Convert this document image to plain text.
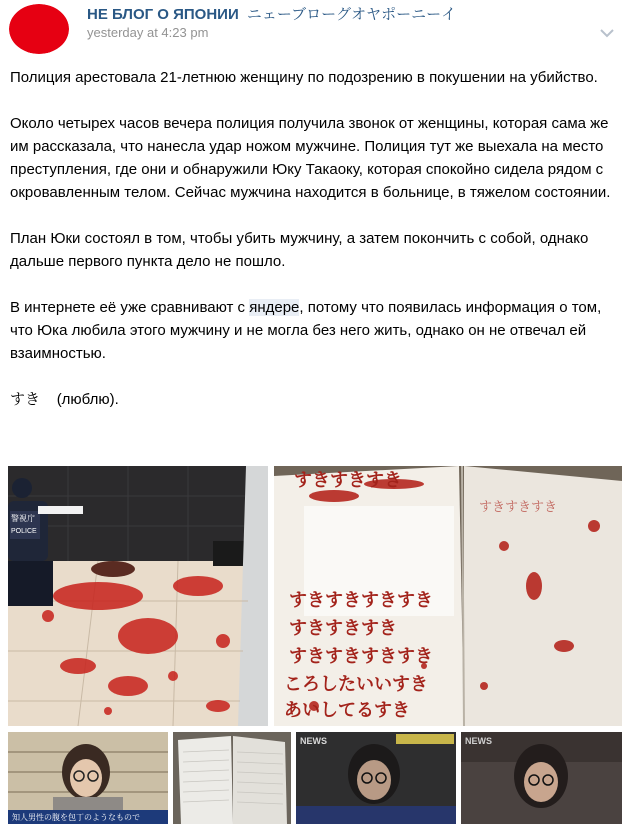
НЕ БЛОГ О ЯПОНИИ ニェーブローグオヤポーニーイ
yesterday at 4:23 pm

Полиция арестовала 21-летнюю женщину по подозрению в покушении на убийство.

Около четырех часов вечера полиция получила звонок от женщины, которая сама же им рассказала, что нанесла удар ножом мужчине. Полиция тут же выехала на место преступления, где они и обнаружили Юку Такаоку, которая спокойно сидела рядом с окровавленным телом. Сейчас мужчина находится в больнице, в тяжелом состоянии.

План Юки состоял в том, чтобы убить мужчину, а затем покончить с собой, однако дальше первого пункта дело не пошло.

В интернете её уже сравнивают с яндере, потому что появилась информация о том, что Юка любила этого мужчину и не могла без него жить, однако он не отвечал ей взаимностью.

すき (люблю).

警視庁
POLICE
すきすきすき
すきすきすきすき
すきすきすき
すきすきすきすき
ころしたいいすき
あいしてるすき
すきすきすき
知人男性の腹を包丁のようなもので
NEWS	NEWS
